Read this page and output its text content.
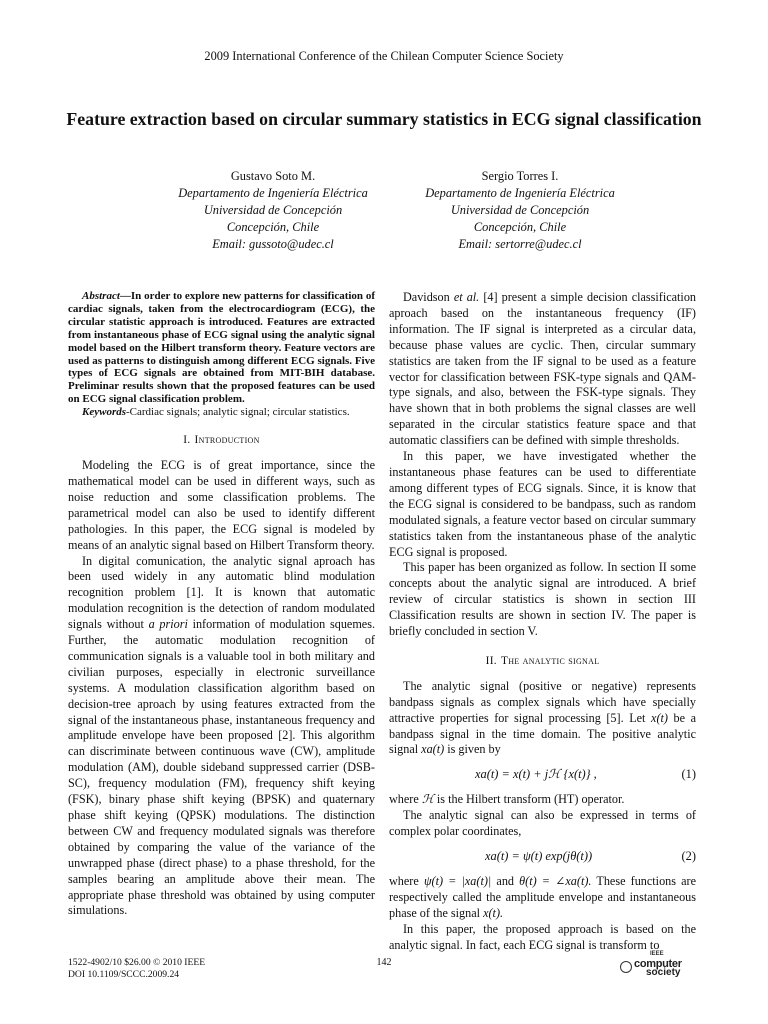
2009 International Conference of the Chilean Computer Science Society
Feature extraction based on circular summary statistics in ECG signal classification
Gustavo Soto M.
Departamento de Ingeniería Eléctrica
Universidad de Concepción
Concepción, Chile
Email: gussoto@udec.cl
Sergio Torres I.
Departamento de Ingeniería Eléctrica
Universidad de Concepción
Concepción, Chile
Email: sertorre@udec.cl

Abstract—In order to explore new patterns for classification of cardiac signals, taken from the electrocardiogram (ECG), the circular statistic approach is introduced. Features are extracted from instantaneous phase of ECG signal using the analytic signal model based on the Hilbert transform theory. Feature vectors are used as patterns to distinguish among different ECG signals. Five types of ECG signals are obtained from MIT-BIH database. Preliminar results shown that the proposed features can be used on ECG signal classification problem.

Keywords-Cardiac signals; analytic signal; circular statistics.

I. Introduction

Modeling the ECG is of great importance, since the mathematical model can be used in different ways, such as noise reduction and some classification problems. The parametrical model can also be used to identify different pathologies. In this paper, the ECG signal is modeled by means of an analytic signal based on Hilbert Transform theory.

In digital comunication, the analytic signal aproach has been used widely in any automatic blind modulation recognition problem [1]. It is known that automatic modulation recognition is the detection of random modulated signals without a priori information of modulation squemes. Further, the automatic modulation recognition of communication signals is a valuable tool in both military and civilian purposes, especially in electronic surveillance systems. A modulation classification algorithm based on decision-tree aproach by using features extracted from the signal of the instantaneous phase, instantaneous frequency and amplitude envelope have been proposed [2]. This algorithm can discriminate between continuous wave (CW), amplitude modulation (AM), double sideband suppressed carrier (DSB-SC), frequency modulation (FM), frequency shift keying (FSK), binary phase shift keying (BPSK) and quaternary phase shift keying (QPSK) modulations. The distinction between CW and frequency modulated signals was therefore obtained by comparing the value of the variance of the unwrapped phase (direct phase) to a phase threshold, for the samples bearing an amplitude above their mean. The appropriate phase threshold was obtained by using computer simulations.

Davidson et al. [4] present a simple decision classification aproach based on the instantaneous frequency (IF) information. The IF signal is interpreted as a circular data, because phase values are cyclic. Then, circular summary statistics are taken from the IF signal to be used as a feature vector for classification between FSK-type signals and QAM-type signals, and also, between the FSK-type signals. They have shown that in both problems the signal classes are well separated in the circular statistics feature space and that automatic classifiers can be defined with simple thresholds.

In this paper, we have investigated whether the instantaneous phase features can be used to differentiate among different types of ECG signals. Since, it is know that the ECG signal is considered to be bandpass, such as random modulated signals, a feature vector based on circular summary statistics taken from the instantaneous phase of the analytic ECG signal is proposed.

This paper has been organized as follow. In section II some concepts about the analytic signal are introduced. A brief review of circular statistics is shown in section III Classification results are shown in section IV. The paper is briefly concluded in section V.

II. The analytic signal

The analytic signal (positive or negative) represents bandpass signals as complex signals which have specially attractive properties for signal processing [5]. Let x(t) be a bandpass signal in the time domain. The positive analytic signal xa(t) is given by

xa(t) = x(t) + jℋ {x(t)} ,	(1)

where ℋ is the Hilbert transform (HT) operator.

The analytic signal can also be expressed in terms of complex polar coordinates,

xa(t) = ψ(t) exp(jθ(t))	(2)

where ψ(t) = |xa(t)| and θ(t) = ∠xa(t). These functions are respectively called the amplitude envelope and instantaneous phase of the signal x(t).

In this paper, the proposed approach is based on the analytic signal. In fact, each ECG signal is transform to

1522-4902/10 $26.00 © 2010 IEEE
DOI 10.1109/SCCC.2009.24
142
IEEE
computer
society
